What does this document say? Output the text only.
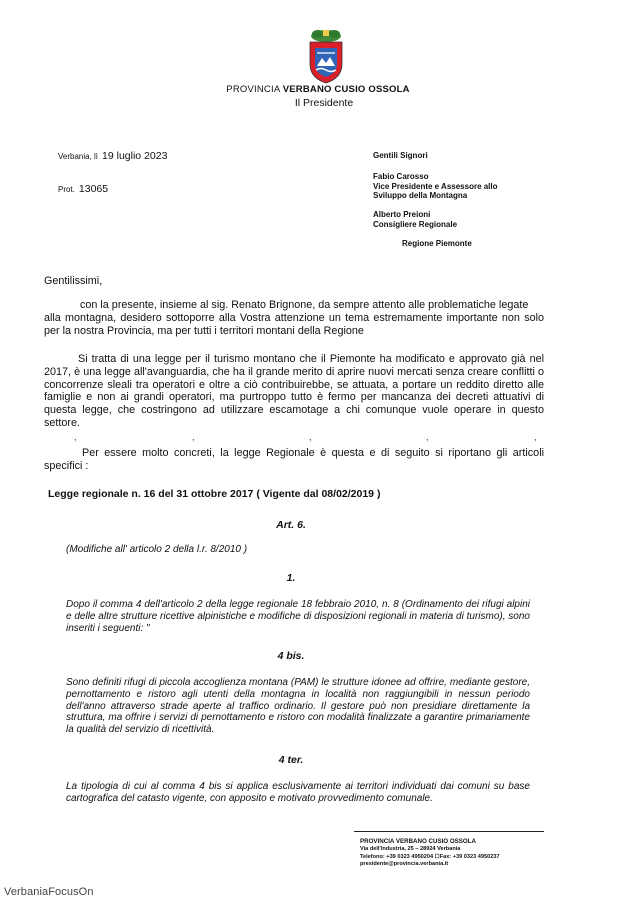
PROVINCIA VERBANO CUSIO OSSOLA
Il Presidente
Verbania, lì 19 luglio 2023
Prot. 13065
Gentili Signori
Fabio Carosso
Vice Presidente e Assessore allo
Sviluppo della Montagna
Alberto Preioni
Consigliere Regionale
Regione Piemonte
Gentilissimi,
con la presente, insieme al sig. Renato Brignone, da sempre attento alle problematiche legate
alla montagna, desidero sottoporre alla Vostra attenzione un tema estremamente importante non solo per la nostra Provincia, ma per tutti i territori montani della Regione
Si tratta di una legge per il turismo montano che il Piemonte ha modificato e approvato già nel 2017, è una legge all'avanguardia, che ha il grande merito di aprire nuovi mercati senza creare conflitti o concorrenze sleali tra operatori e oltre a ciò contribuirebbe, se attuata, a portare un reddito diretto alle famiglie e non ai grandi operatori, ma purtroppo tutto è fermo per mancanza dei decreti attuativi di questa legge, che costringono ad utilizzare escamotage a chi comunque vuole operare in questo settore.
,	,	,	,	,
Per essere molto concreti, la legge Regionale è questa e di seguito si riportano gli articoli specifici :
Legge regionale n. 16 del 31 ottobre 2017 ( Vigente dal 08/02/2019 )
Art. 6.
(Modifiche all' articolo 2 della l.r. 8/2010 )
1.
Dopo il comma 4 dell'articolo 2 della legge regionale 18 febbraio 2010, n. 8 (Ordinamento dei rifugi alpini e delle altre strutture ricettive alpinistiche e modifiche di disposizioni regionali in materia di turismo), sono inseriti i seguenti: "
4 bis.
Sono definiti rifugi di piccola accoglienza montana (PAM) le strutture idonee ad offrire, mediante gestore, pernottamento e ristoro agli utenti della montagna in località non raggiungibili in nessun periodo dell'anno attraverso strade aperte al traffico ordinario. Il gestore può non presidiare direttamente la struttura, ma offrire i servizi di pernottamento e ristoro con modalità finalizzate a garantire primariamente la qualità del servizio di ricettività.
4 ter.
La tipologia di cui al comma 4 bis si applica esclusivamente ai territori individuati dai comuni su base cartografica del catasto vigente, con apposito e motivato provvedimento comunale.
PROVINCIA VERBANO CUSIO OSSOLA
Via dell'Industria, 25 – 28924 Verbania
Telefono: +39 0323 4950204 ☐Fax: +39 0323 4950237
presidente@provincia.verbania.it
VerbaniaFocusOn
